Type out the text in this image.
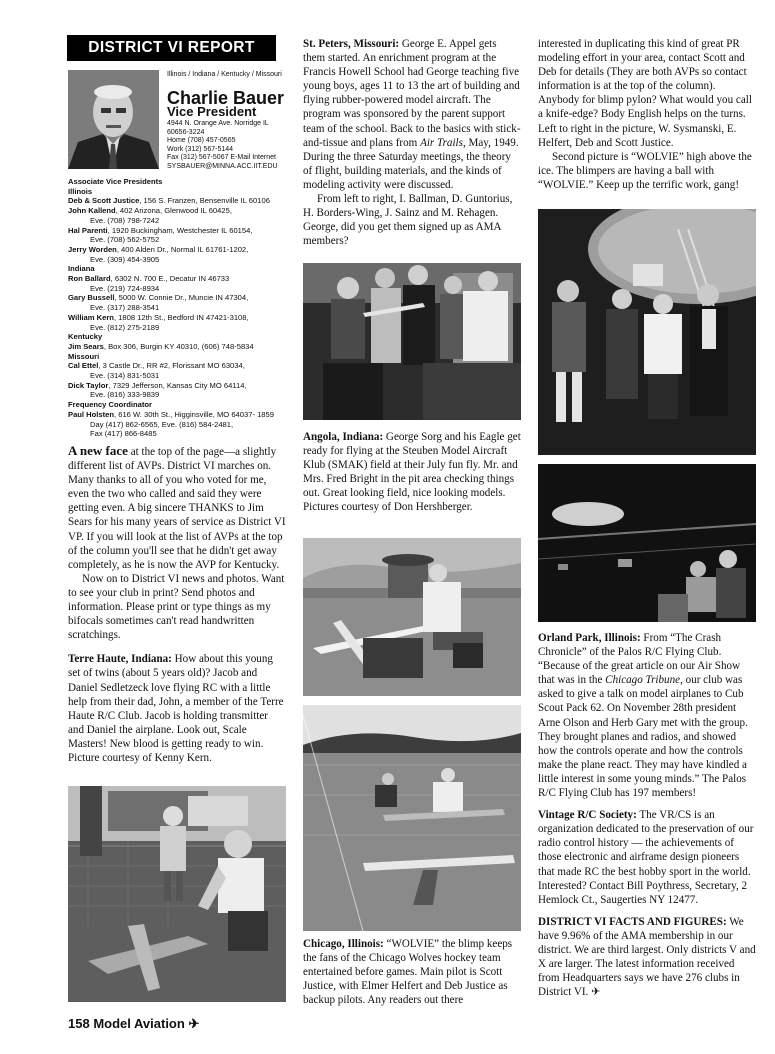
DISTRICT VI REPORT
Illinois / Indiana / Kentucky / Missouri
Charlie Bauer
Vice President
4944 N. Orange Ave. Norridge IL
60656-3224
Home (708) 457-0565
Work (312) 567-5144
Fax (312) 567-5067 E-Mail Internet
SYSBAUER@MINNA.ACC.IIT.EDU
Associate Vice Presidents
Illinois
Deb & Scott Justice, 156 S. Franzen, Bensenville IL 60106
John Kallend, 402 Arizona, Glenwood IL 60425,
Eve. (708) 798-7242
Hal Parenti, 1920 Buckingham, Westchester IL 60154,
Eve. (708) 562-5752
Jerry Worden, 400 Alden Dr., Normal IL 61761-1202,
Eve. (309) 454-3905
Indiana
Ron Ballard, 6302 N. 700 E., Decatur IN 46733
Eve. (219) 724-8934
Gary Bussell, 5000 W. Connie Dr., Muncie IN 47304,
Eve. (317) 288-3541
William Kern, 1808 12th St., Bedford IN 47421-3108,
Eve. (812) 275-2189
Kentucky
Jim Sears, Box 306, Burgin KY 40310, (606) 748-5834
Missouri
Cal Ettel, 3 Castle Dr., RR #2, Florissant MO 63034,
Eve. (314) 831-5031
Dick Taylor, 7329 Jefferson, Kansas City MO 64114,
Eve. (816) 333-9839
Frequency Coordinator
Paul Holsten, 616 W. 30th St., Higginsville, MO 64037- 1859
Day (417) 862-6565, Eve. (816) 584-2481,
Fax (417) 866-8485

A new face at the top of the page—a slightly different list of AVPs. District VI marches on. Many thanks to all of you who voted for me, even the two who called and said they were getting even. A big sincere THANKS to Jim Sears for his many years of service as District VI VP. If you will look at the list of AVPs at the top of the column you'll see that he didn't get away completely, as he is now the AVP for Kentucky.

Now on to District VI news and photos. Want to see your club in print? Send photos and information. Please print or type things as my bifocals sometimes can't read handwritten scratchings.

Terre Haute, Indiana: How about this young set of twins (about 5 years old)? Jacob and Daniel Sedletzeck love flying RC with a little help from their dad, John, a member of the Terre Haute R/C Club. Jacob is holding transmitter and Daniel the airplane. Look out, Scale Masters! New blood is getting ready to win. Picture courtesy of Kenny Kern.

St. Peters, Missouri: George E. Appel gets them started. An enrichment program at the Francis Howell School had George teaching five young boys, ages 11 to 13 the art of building and flying rubber-powered model aircraft. The program was sponsored by the parent support team of the school. Back to the basics with stick-and-tissue and plans from Air Trails, May, 1949. During the three Saturday meetings, the theory of flight, building materials, and the kinds of modeling activity were discussed.

From left to right, I. Ballman, D. Guntorius, H. Borders-Wing, J. Sainz and M. Rehagen. George, did you get them signed up as AMA members?

Angola, Indiana: George Sorg and his Eagle get ready for flying at the Steuben Model Aircraft Klub (SMAK) field at their July fun fly. Mr. and Mrs. Fred Bright in the pit area checking things out. Great looking field, nice looking models. Pictures courtesy of Don Hershberger.

Chicago, Illinois: “WOLVIE” the blimp keeps the fans of the Chicago Wolves hockey team entertained before games. Main pilot is Scott Justice, with Elmer Helfert and Deb Justice as backup pilots. Any readers out there

interested in duplicating this kind of great PR modeling effort in your area, contact Scott and Deb for details (They are both AVPs so contact information is at the top of the column). Anybody for blimp pylon? What would you call a knife-edge? Body English helps on the turns. Left to right in the picture, W. Sysmanski, E. Helfert, Deb and Scott Justice.

Second picture is “WOLVIE” high above the ice. The blimpers are having a ball with “WOLVIE.” Keep up the terrific work, gang!

Orland Park, Illinois: From “The Crash Chronicle” of the Palos R/C Flying Club. “Because of the great article on our Air Show that was in the Chicago Tribune, our club was asked to give a talk on model airplanes to Cub Scout Pack 62. On November 28th president Arne Olson and Herb Gary met with the group. They brought planes and radios, and showed how the controls operate and how the controls make the plane react. They may have kindled a little interest in some young minds.” The Palos R/C Flying Club has 197 members!

Vintage R/C Society: The VR/CS is an organization dedicated to the preservation of our radio control history — the achievements of those electronic and airframe design pioneers that made RC the best hobby sport in the world. Interested? Contact Bill Poythress, Secretary, 2 Hemlock Ct., Saugerties NY 12477.

DISTRICT VI FACTS AND FIGURES: We have 9.96% of the AMA membership in our district. We are third largest. Only districts V and X are larger. The latest information received from Headquarters says we have 276 clubs in District VI. ✈

158 Model Aviation ✈
